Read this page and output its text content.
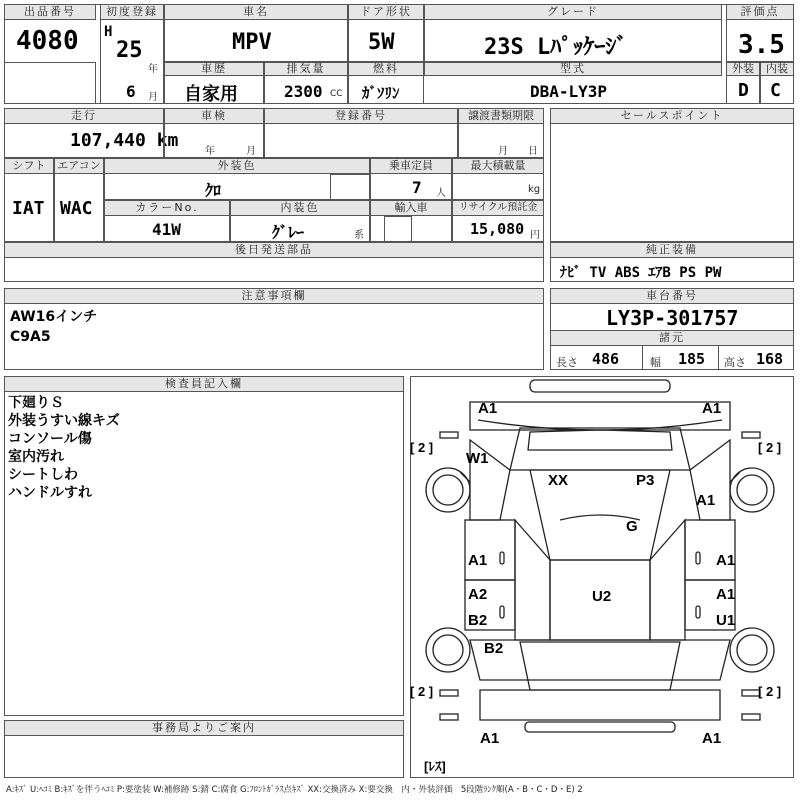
出品番号
4080
初度登録
H
25
年
車名
MPV
ドア形状
5W
グレード
23S Lﾊﾟｯｹｰｼﾞ
評価点
3.5
車歴
自家用
6 月
排気量
2300 CC
燃料
ｶﾞｿﾘﾝ
型式
DBA-LY3P
外装	内装
D C
走行
107,440 km
車検
年	月
登録番号	譲渡書類期限
月 日
シフト
IAT
エアコン
WAC
外装色
ｸﾛ
乗車定員
7 人
最大積載量
kg
カラーNo.
41W
内装色
ｸﾞﾚｰ	系
輸入車	リサイクル預託金
15,080 円
後日発送部品
セールスポイント
純正装備
ﾅﾋﾞ TV ABS ｴｱB PS PW
注意事項欄
AW16インチ
C9A5
車台番号
LY3P-301757
諸元
長さ 486	幅 185 高さ 168
検査員記入欄
下廻りＳ
外装うすい線キズ
コンソール傷
室内汚れ
シートしわ
ハンドルすれ
事務局よりご案内
A1	A1
[ 2 ]	[ 2 ]
W1
XX	P3
A1
G
A1	A1
A2	A1
U2
B2	U1
B2
[ 2 ]	[ 2 ]
A1	A1
[ﾚｽ]
A:ｷｽﾞ U:ﾍｺﾐ B:ｷｽﾞを伴うﾍｺﾐ P:要塗装 W:補修跡 S:錆 C:腐食 G:ﾌﾛﾝﾄｶﾞﾗｽ点ｷｽﾞ XX:交換済み X:要交換　内・外装評価　5段階ﾗﾝｸ順(A・B・C・D・E) 2
